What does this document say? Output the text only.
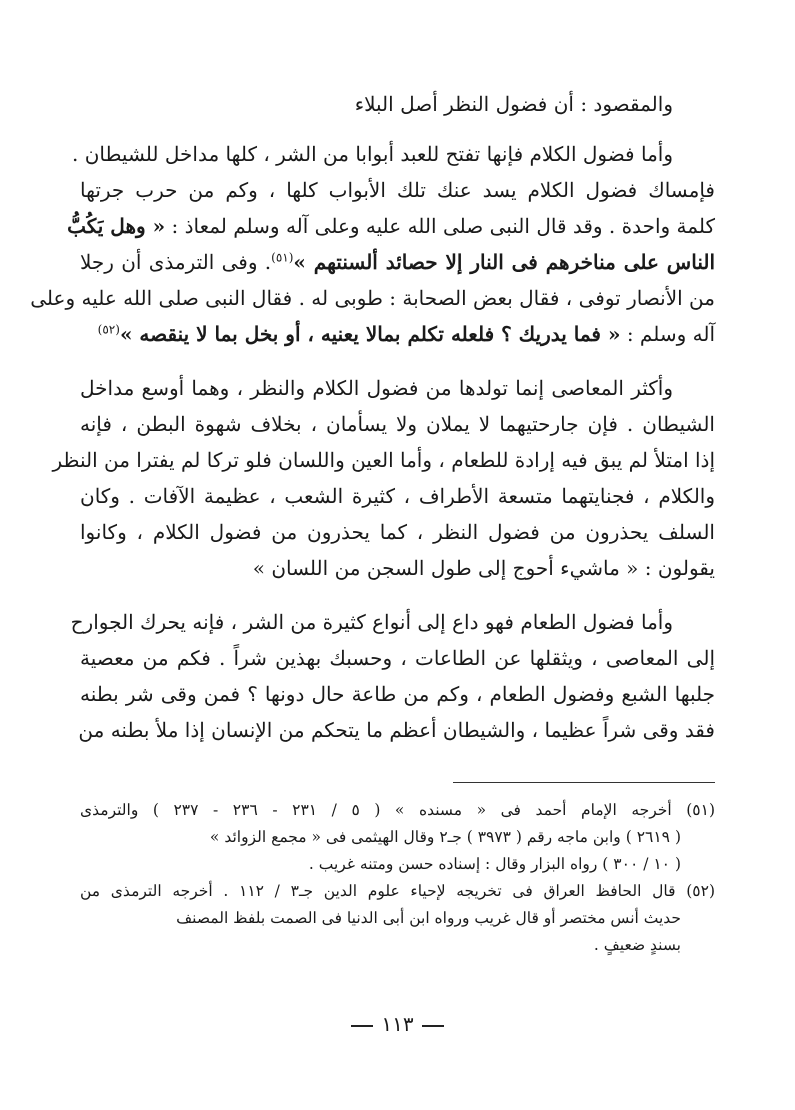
والمقصود : أن فضول النظر أصل البلاء

وأما فضول الكلام فإنها تفتح للعبد أبوابا من الشر ، كلها مداخل للشيطان .
فإمساك فضول الكلام يسد عنك تلك الأبواب كلها ، وكم من حرب جرتها
كلمة واحدة . وقد قال النبى صلى الله عليه وعلى آله وسلم لمعاذ : « وهل يَكُبُّ
الناس على مناخرهم فى النار إلا حصائد ألسنتهم »$^{(٥١)}$. وفى الترمذى أن رجلا
من الأنصار توفى ، فقال بعض الصحابة : طوبى له . فقال النبى صلى الله عليه وعلى
آله وسلم : « فما يدريك ؟ فلعله تكلم بمالا يعنيه ، أو بخل بما لا ينقصه »$^{(٥٢)}$

وأكثر المعاصى إنما تولدها من فضول الكلام والنظر ، وهما أوسع مداخل
الشيطان . فإن جارحتيهما لا يملان ولا يسأمان ، بخلاف شهوة البطن ، فإنه
إذا امتلأ لم يبق فيه إرادة للطعام ، وأما العين واللسان فلو تركا لم يفترا من النظر
والكلام ، فجنايتهما متسعة الأطراف ، كثيرة الشعب ، عظيمة الآفات . وكان
السلف يحذرون من فضول النظر ، كما يحذرون من فضول الكلام ، وكانوا
يقولون : « ماشيء أحوج إلى طول السجن من اللسان »

وأما فضول الطعام فهو داع إلى أنواع كثيرة من الشر ، فإنه يحرك الجوارح
إلى المعاصى ، ويثقلها عن الطاعات ، وحسبك بهذين شراً . فكم من معصية
جلبها الشبع وفضول الطعام ، وكم من طاعة حال دونها ؟ فمن وقى شر بطنه
فقد وقى شراً عظيما ، والشيطان أعظم ما يتحكم من الإنسان إذا ملأ بطنه من

(٥١) أخرجه الإمام أحمد فى « مسنده » ( ٥ / ٢٣١ - ٢٣٦ - ٢٣٧ ) والترمذى
( ٢٦١٩ ) وابن ماجه رقم ( ٣٩٧٣ ) جـ٢ وقال الهيثمى فى « مجمع الزوائد »
( ١٠ / ٣٠٠ ) رواه البزار وقال : إسناده حسن ومتنه غريب .
(٥٢) قال الحافظ العراق فى تخريجه لإحياء علوم الدين جـ٣ / ١١٢ . أخرجه الترمذى من
حديث أنس مختصر أو قال غريب ورواه ابن أبى الدنيا فى الصمت بلفظ المصنف
بسندٍ ضعيفٍ .
١١٣
